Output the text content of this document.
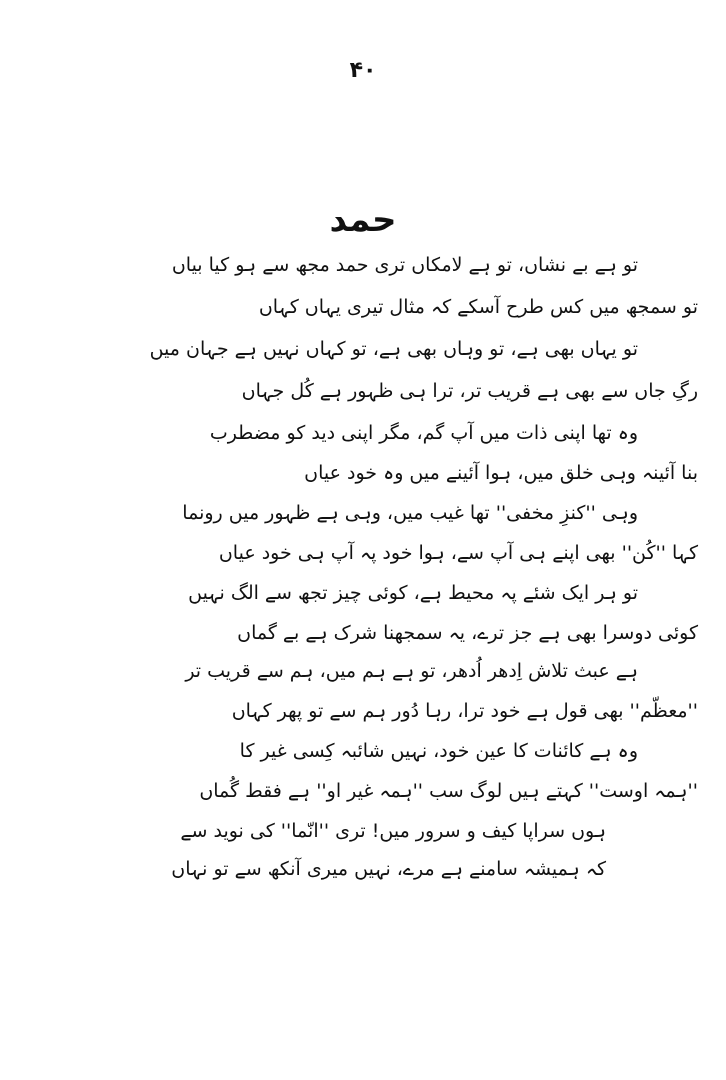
۴۰
حمد
تو ہے بے نشاں، تو ہے لامکاں تری حمد مجھ سے ہو کیا بیاں
تو سمجھ میں کس طرح آسکے کہ مثال تیری یہاں کہاں
تو یہاں بھی ہے، تو وہاں بھی ہے، تو کہاں نہیں ہے جہان میں
رگِ جاں سے بھی ہے قریب تر، ترا ہی ظہور ہے کُل جہاں
وہ تھا اپنی ذات میں آپ گم، مگر اپنی دید کو مضطرب
بنا آئینہ وہی خلق میں، ہوا آئینے میں وہ خود عیاں
وہی ''کنزِ مخفی'' تھا غیب میں، وہی ہے ظہور میں رونما
کہا ''کُن'' بھی اپنے ہی آپ سے، ہوا خود پہ آپ ہی خود عیاں
تو ہر ایک شئے پہ محیط ہے، کوئی چیز تجھ سے الگ نہیں
کوئی دوسرا بھی ہے جز ترے، یہ سمجھنا شرک ہے بے گماں
ہے عبث تلاش اِدھر اُدھر، تو ہے ہم میں، ہم سے قریب تر
''معظّم'' بھی قول ہے خود ترا، رہا دُور ہم سے تو پھر کہاں
وہ ہے کائنات کا عین خود، نہیں شائبہ کِسی غیر کا
''ہمہ اوست'' کہتے ہیں لوگ سب ''ہمہ غیر او'' ہے فقط گُماں
ہوں سراپا کیف و سرور میں! تری ''انّما'' کی نوید سے
کہ ہمیشہ سامنے ہے مرے، نہیں میری آنکھ سے تو نہاں
